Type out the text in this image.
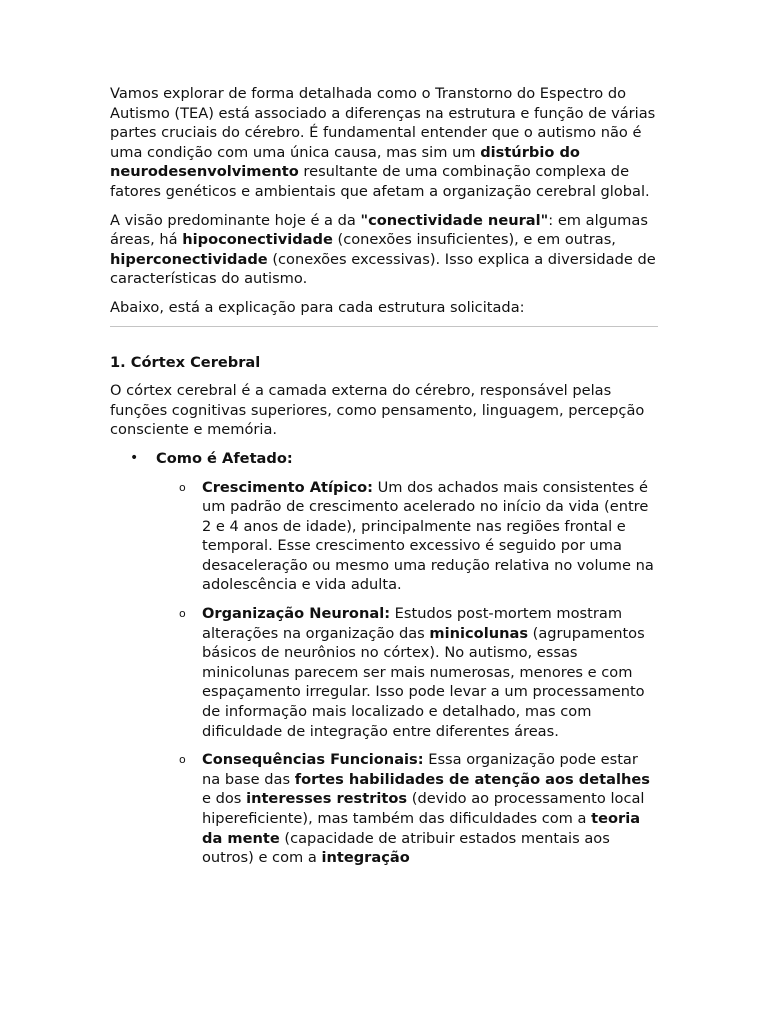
Vamos explorar de forma detalhada como o Transtorno do Espectro do Autismo (TEA) está associado a diferenças na estrutura e função de várias partes cruciais do cérebro. É fundamental entender que o autismo não é uma condição com uma única causa, mas sim um distúrbio do neurodesenvolvimento resultante de uma combinação complexa de fatores genéticos e ambientais que afetam a organização cerebral global.

A visão predominante hoje é a da "conectividade neural": em algumas áreas, há hipoconectividade (conexões insuficientes), e em outras, hiperconectividade (conexões excessivas). Isso explica a diversidade de características do autismo.

Abaixo, está a explicação para cada estrutura solicitada:

1. Córtex Cerebral

O córtex cerebral é a camada externa do cérebro, responsável pelas funções cognitivas superiores, como pensamento, linguagem, percepção consciente e memória.

• Como é Afetado:
o Crescimento Atípico: Um dos achados mais consistentes é um padrão de crescimento acelerado no início da vida (entre 2 e 4 anos de idade), principalmente nas regiões frontal e temporal. Esse crescimento excessivo é seguido por uma desaceleração ou mesmo uma redução relativa no volume na adolescência e vida adulta.
o Organização Neuronal: Estudos post-mortem mostram alterações na organização das minicolunas (agrupamentos básicos de neurônios no córtex). No autismo, essas minicolunas parecem ser mais numerosas, menores e com espaçamento irregular. Isso pode levar a um processamento de informação mais localizado e detalhado, mas com dificuldade de integração entre diferentes áreas.
o Consequências Funcionais: Essa organização pode estar na base das fortes habilidades de atenção aos detalhes e dos interesses restritos (devido ao processamento local hipereficiente), mas também das dificuldades com a teoria da mente (capacidade de atribuir estados mentais aos outros) e com a integração
